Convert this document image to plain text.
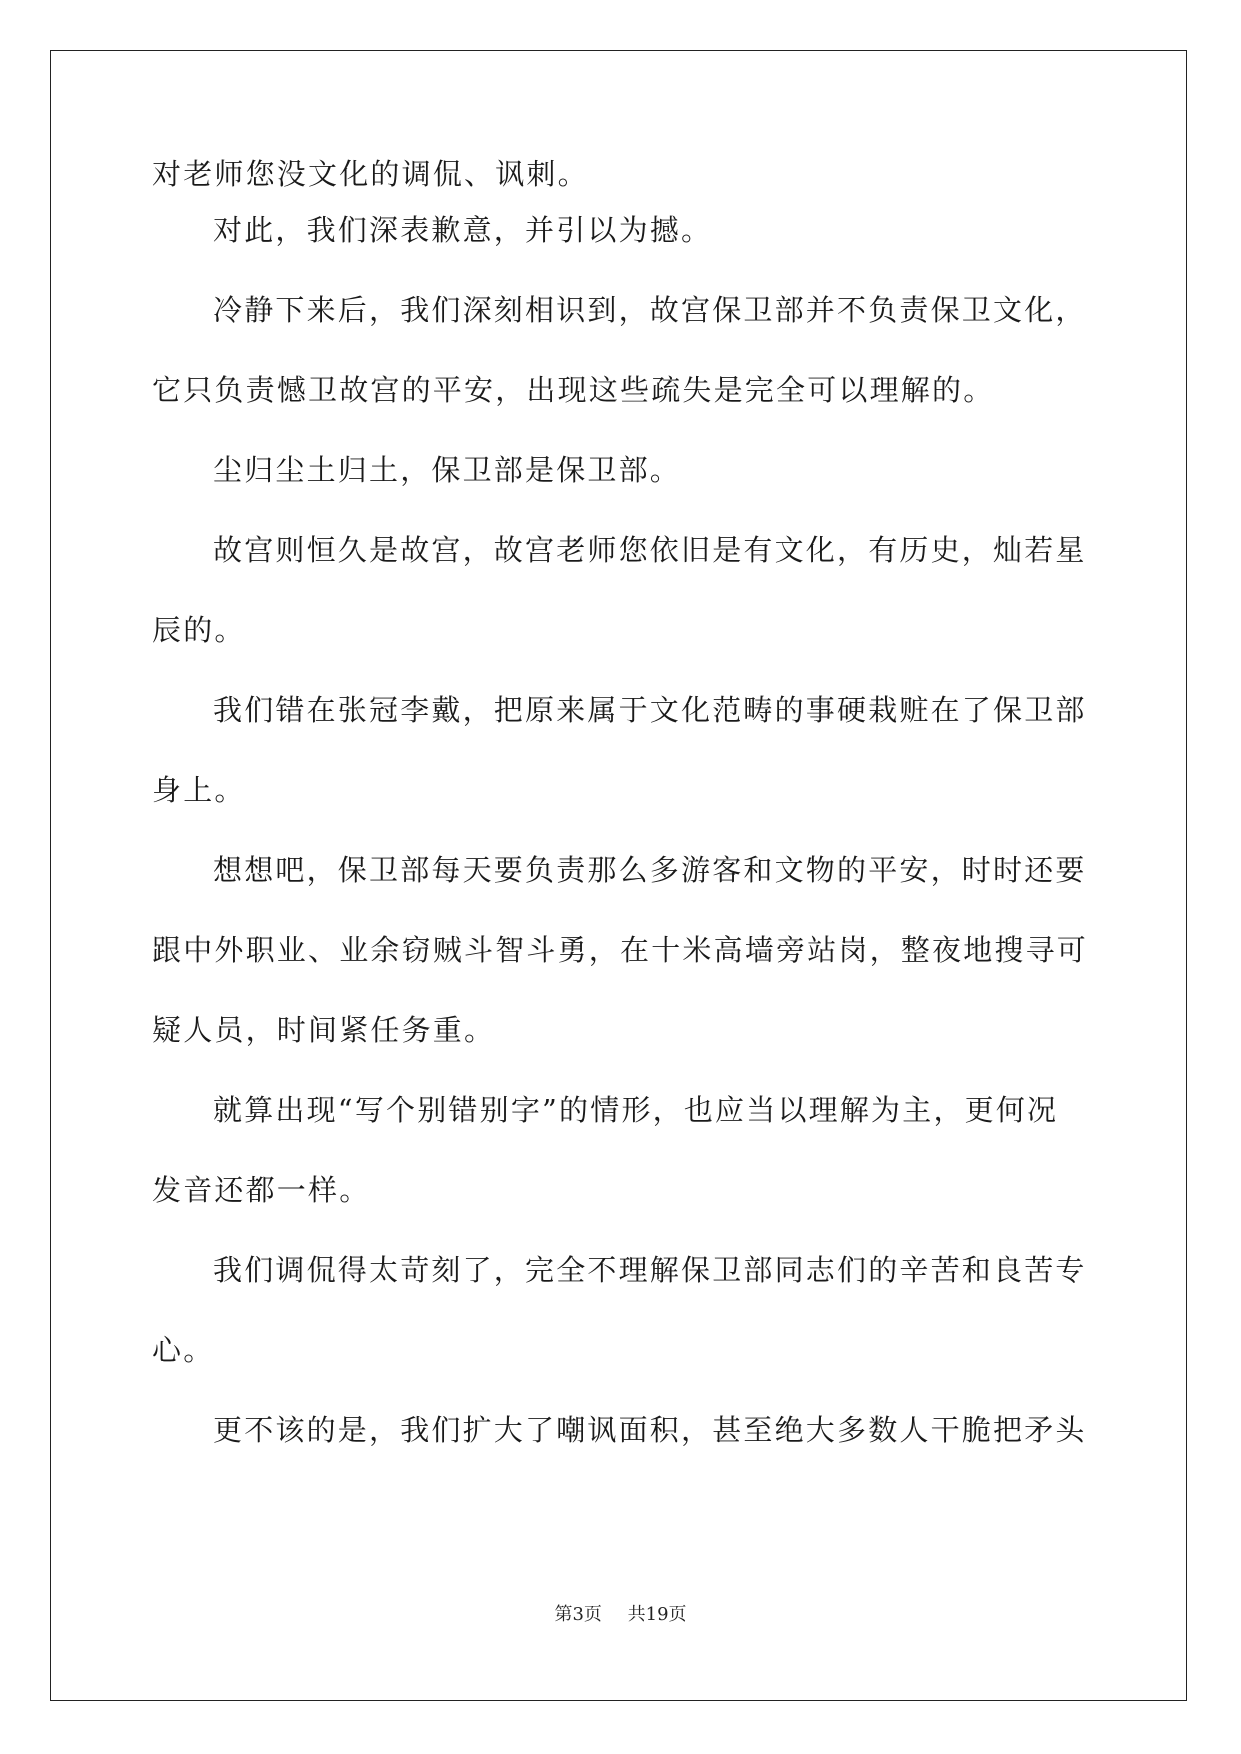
对老师您没文化的调侃、讽刺。

对此，我们深表歉意，并引以为撼。

冷静下来后，我们深刻相识到，故宫保卫部并不负责保卫文化，

它只负责憾卫故宫的平安，出现这些疏失是完全可以理解的。

尘归尘土归土，保卫部是保卫部。

故宫则恒久是故宫，故宫老师您依旧是有文化，有历史，灿若星

辰的。

我们错在张冠李戴，把原来属于文化范畴的事硬栽赃在了保卫部

身上。

想想吧，保卫部每天要负责那么多游客和文物的平安，时时还要

跟中外职业、业余窃贼斗智斗勇，在十米高墙旁站岗，整夜地搜寻可

疑人员，时间紧任务重。

就算出现“写个别错别字”的情形，也应当以理解为主，更何况

发音还都一样。

我们调侃得太苛刻了，完全不理解保卫部同志们的辛苦和良苦专

心。

更不该的是，我们扩大了嘲讽面积，甚至绝大多数人干脆把矛头

第3页 共19页
